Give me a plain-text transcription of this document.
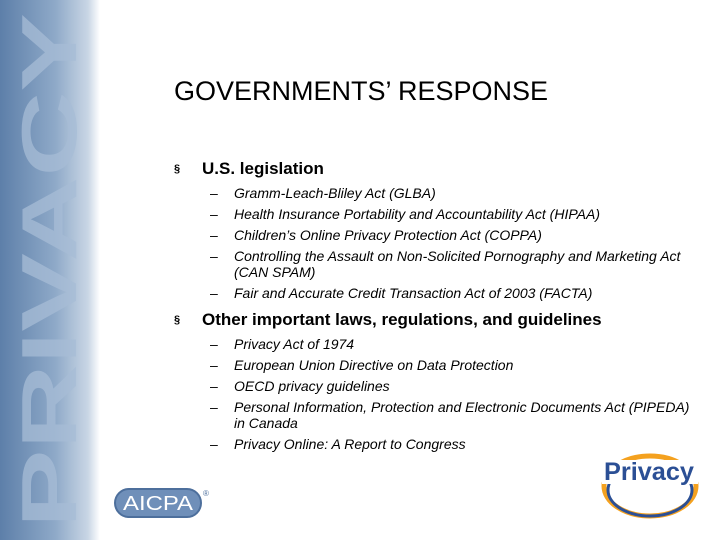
PRIVACY
GOVERNMENTS’ RESPONSE
§ U.S. legislation
– Gramm-Leach-Bliley Act (GLBA)
– Health Insurance Portability and Accountability Act (HIPAA)
– Children’s Online Privacy Protection Act (COPPA)
– Controlling the Assault on Non-Solicited Pornography and Marketing Act (CAN SPAM)
– Fair and Accurate Credit Transaction Act of 2003 (FACTA)
§ Other important laws, regulations, and guidelines
– Privacy Act of 1974
– European Union Directive on Data Protection
– OECD privacy guidelines
– Personal Information, Protection and Electronic Documents Act (PIPEDA) in Canada
– Privacy Online: A Report to Congress
AICPA ®
Privacy
